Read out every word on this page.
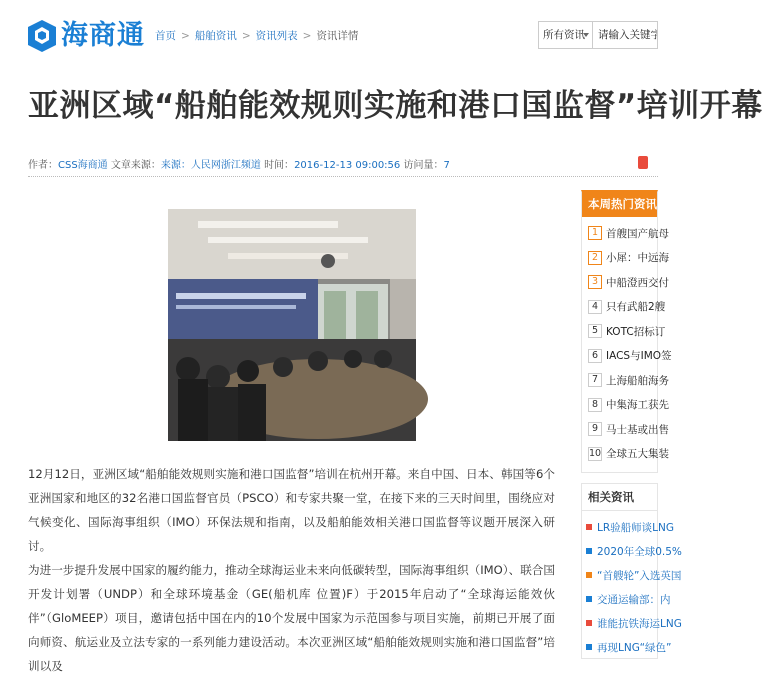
海商通 首页 > 船舶资讯 > 资讯列表 > 资讯详情	所有资讯
请输入关键字
亚洲区域“船舶能效规则实施和港口国监督”培训开幕
作者：CSS海商通 文章来源：来源：人民网浙江频道 时间：2016-12-13 09:00:56 访问量：7

12月12日，亚洲区域“船舶能效规则实施和港口国监督”培训在杭州开幕。来自中国、日本、韩国等6个亚洲国家和地区的32名港口国监督官员（PSCO）和专家共聚一堂，在接下来的三天时间里，围绕应对气候变化、国际海事组织（IMO）环保法规和指南，以及船舶能效相关港口国监督等议题开展深入研讨。

为进一步提升发展中国家的履约能力，推动全球海运业未来向低碳转型，国际海事组织（IMO）、联合国开发计划署（UNDP）和全球环境基金（GE(船机库 位置)F）于2015年启动了“全球海运能效伙伴”（GloMEEP）项目，邀请包括中国在内的10个发展中国家为示范国参与项目实施，前期已开展了面向师资、航运业及立法专家的一系列能力建设活动。本次亚洲区域“船舶能效规则实施和港口国监督”培训以及

本周热门资讯
1 首艘国产航母
2 小犀：中远海
3 中船澄西交付
4 只有武船2艘
5 KOTC招标订
6 IACS与IMO签
7 上海船舶海务
8 中集海工获先
9 马士基或出售
10 全球五大集装
相关资讯
LR验船师谈LNG
2020年全球0.5%
“首艘轮”入选英国
交通运输部：内
谁能抗铁海运LNG
再现LNG“绿色”
